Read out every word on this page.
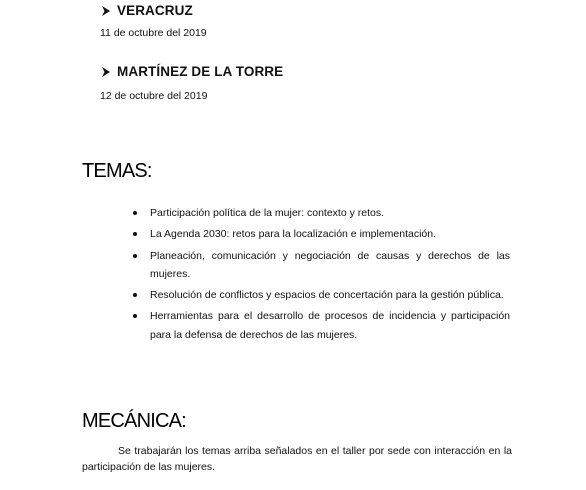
VERACRUZ
11 de octubre del 2019
MARTÍNEZ DE LA TORRE
12 de octubre del 2019
TEMAS:
Participación política de la mujer: contexto y retos.
La Agenda 2030: retos para la localización e implementación.
Planeación, comunicación y negociación de causas y derechos de las mujeres.
Resolución de conflictos y espacios de concertación para la gestión pública.
Herramientas para el desarrollo de procesos de incidencia y participación para la defensa de derechos de las mujeres.
MECÁNICA:

Se trabajarán los temas arriba señalados en el taller por sede con interacción en la participación de las mujeres.
